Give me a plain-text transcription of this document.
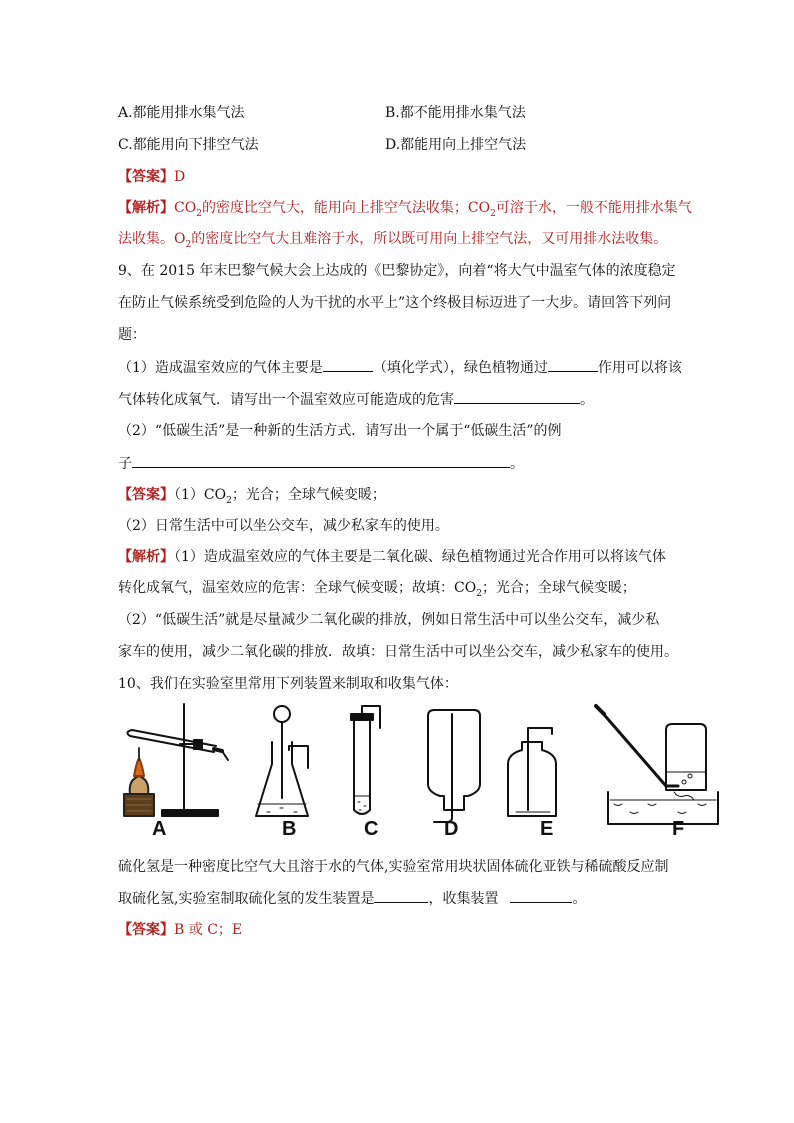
A.都能用排水集气法	B.都不能用排水集气法
C.都能用向下排空气法	D.都能用向上排空气法
【答案】D
【解析】$CO_2$的密度比空气大，能用向上排空气法收集；$CO_2$可溶于水，一般不能用排水集气
法收集。$O_2$的密度比空气大且难溶于水，所以既可用向上排空气法，又可用排水法收集。
9、在 2015 年末巴黎气候大会上达成的《巴黎协定》，向着“将大气中温室气体的浓度稳定
在防止气候系统受到危险的人为干扰的水平上”这个终极目标迈进了一大步。请回答下列问
题：
（1）造成温室效应的气体主要是	（填化学式），绿色植物通过	作用可以将该
气体转化成氧气．请写出一个温室效应可能造成的危害	。
（2）“低碳生活”是一种新的生活方式．请写出一个属于“低碳生活”的例
子	。
【答案】$(1)CO_2$；光合；全球气候变暖；
（2）日常生活中可以坐公交车，减少私家车的使用。
【解析】（1）造成温室效应的气体主要是二氧化碳、绿色植物通过光合作用可以将该气体
转化成氧气，温室效应的危害：全球气候变暖；故填：$CO_2$；光合；全球气候变暖；
（2）“低碳生活”就是尽量减少二氧化碳的排放，例如日常生活中可以坐公交车，减少私
家车的使用，减少二氧化碳的排放．故填：日常生活中可以坐公交车，减少私家车的使用。
10、我们在实验室里常用下列装置来制取和收集气体：
A	B	C	D	E	F
硫化氢是一种密度比空气大且溶于水的气体,实验室常用块状固体硫化亚铁与稀硫酸反应制
取硫化氢,实验室制取硫化氢的发生装置是	，收集装置	。
【答案】B 或 C；E
